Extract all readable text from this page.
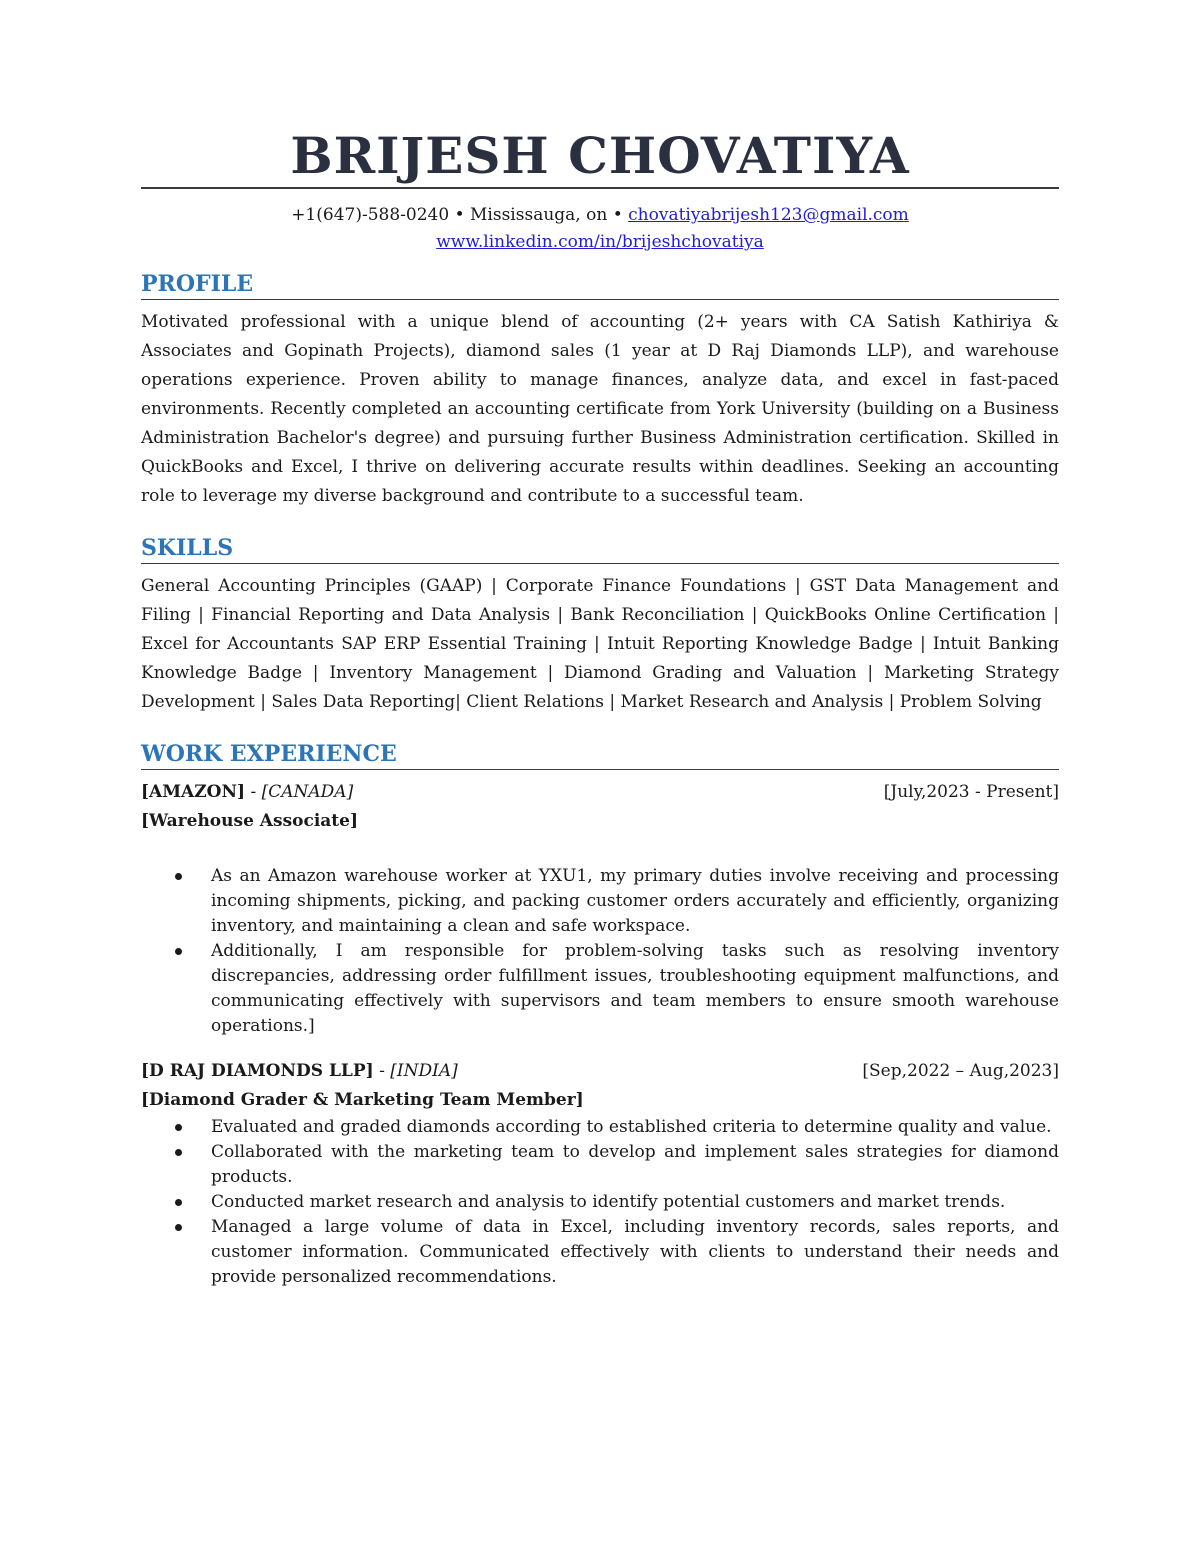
BRIJESH CHOVATIYA
+1(647)-588-0240 • Mississauga, on • chovatiyabrijesh123@gmail.com
www.linkedin.com/in/brijeshchovatiya
PROFILE

Motivated professional with a unique blend of accounting (2+ years with CA Satish Kathiriya & Associates and Gopinath Projects), diamond sales (1 year at D Raj Diamonds LLP), and warehouse operations experience. Proven ability to manage finances, analyze data, and excel in fast-paced environments. Recently completed an accounting certificate from York University (building on a Business Administration Bachelor's degree) and pursuing further Business Administration certification. Skilled in QuickBooks and Excel, I thrive on delivering accurate results within deadlines. Seeking an accounting role to leverage my diverse background and contribute to a successful team.

SKILLS

General Accounting Principles (GAAP) | Corporate Finance Foundations | GST Data Management and Filing | Financial Reporting and Data Analysis | Bank Reconciliation | QuickBooks Online Certification | Excel for Accountants SAP ERP Essential Training | Intuit Reporting Knowledge Badge | Intuit Banking Knowledge Badge | Inventory Management | Diamond Grading and Valuation | Marketing Strategy Development | Sales Data Reporting| Client Relations | Market Research and Analysis | Problem Solving

WORK EXPERIENCE
[AMAZON] - [CANADA]	[July,2023 - Present]
[Warehouse Associate]
As an Amazon warehouse worker at YXU1, my primary duties involve receiving and processing incoming shipments, picking, and packing customer orders accurately and efficiently, organizing inventory, and maintaining a clean and safe workspace.
Additionally, I am responsible for problem-solving tasks such as resolving inventory discrepancies, addressing order fulfillment issues, troubleshooting equipment malfunctions, and communicating effectively with supervisors and team members to ensure smooth warehouse operations.]
[D RAJ DIAMONDS LLP] - [INDIA]	[Sep,2022 – Aug,2023]
[Diamond Grader & Marketing Team Member]
Evaluated and graded diamonds according to established criteria to determine quality and value.
Collaborated with the marketing team to develop and implement sales strategies for diamond products.
Conducted market research and analysis to identify potential customers and market trends.
Managed a large volume of data in Excel, including inventory records, sales reports, and customer information. Communicated effectively with clients to understand their needs and provide personalized recommendations.
